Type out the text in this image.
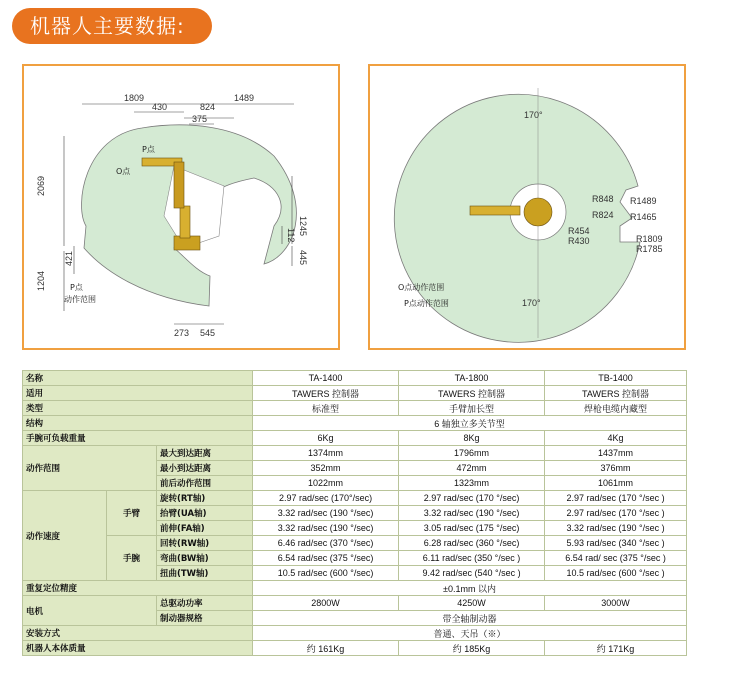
机器人主要数据:
1809	1489
430	824
375
2069
1245
112
445
1204
421
273 545
P点
O点
P点
动作范围
170°
170°
R848
R824
R454
R430
R1489
R1465
R1809
R1785
O点动作范围
P点动作范围
名称			TA-1400	TA-1800	TB-1400
适用			TAWERS 控制器	TAWERS 控制器	TAWERS 控制器
类型			标准型	手臂加长型	焊枪电缆内藏型
结构			6 轴独立多关节型		
手腕可负载重量			6Kg	8Kg	4Kg
动作范围		最大到达距离	1374mm	1796mm	1437mm
		最小到达距离	352mm	472mm	376mm
		前后动作范围	1022mm	1323mm	1061mm
动作速度	手臂	旋转(RT轴)	2.97 rad/sec (170°/sec)	2.97 rad/sec (170 °/sec)	2.97 rad/sec (170 °/sec )
		抬臂(UA轴)	3.32 rad/sec (190 °/sec)	3.32 rad/sec (190 °/sec)	2.97 rad/sec (170 °/sec )
		前伸(FA轴)	3.32 rad/sec (190 °/sec)	3.05 rad/sec (175 °/sec)	3.32 rad/sec (190 °/sec )
	手腕	回转(RW轴)	6.46 rad/sec (370 °/sec)	6.28 rad/sec (360 °/sec)	5.93 rad/sec (340 °/sec )
		弯曲(BW轴)	6.54 rad/sec (375 °/sec)	6.11 rad/sec (350 °/sec )	6.54 rad/ sec (375 °/sec )
		扭曲(TW轴)	10.5 rad/sec (600 °/sec)	9.42 rad/sec (540 °/sec )	10.5 rad/sec (600 °/sec )
重复定位精度			±0.1mm 以内		
电机		总驱动功率	2800W	4250W	3000W
		制动器规格	带全轴制动器		
安装方式			普通、天吊（※）		
机器人本体质量			约 161Kg	约 185Kg	约 171Kg
